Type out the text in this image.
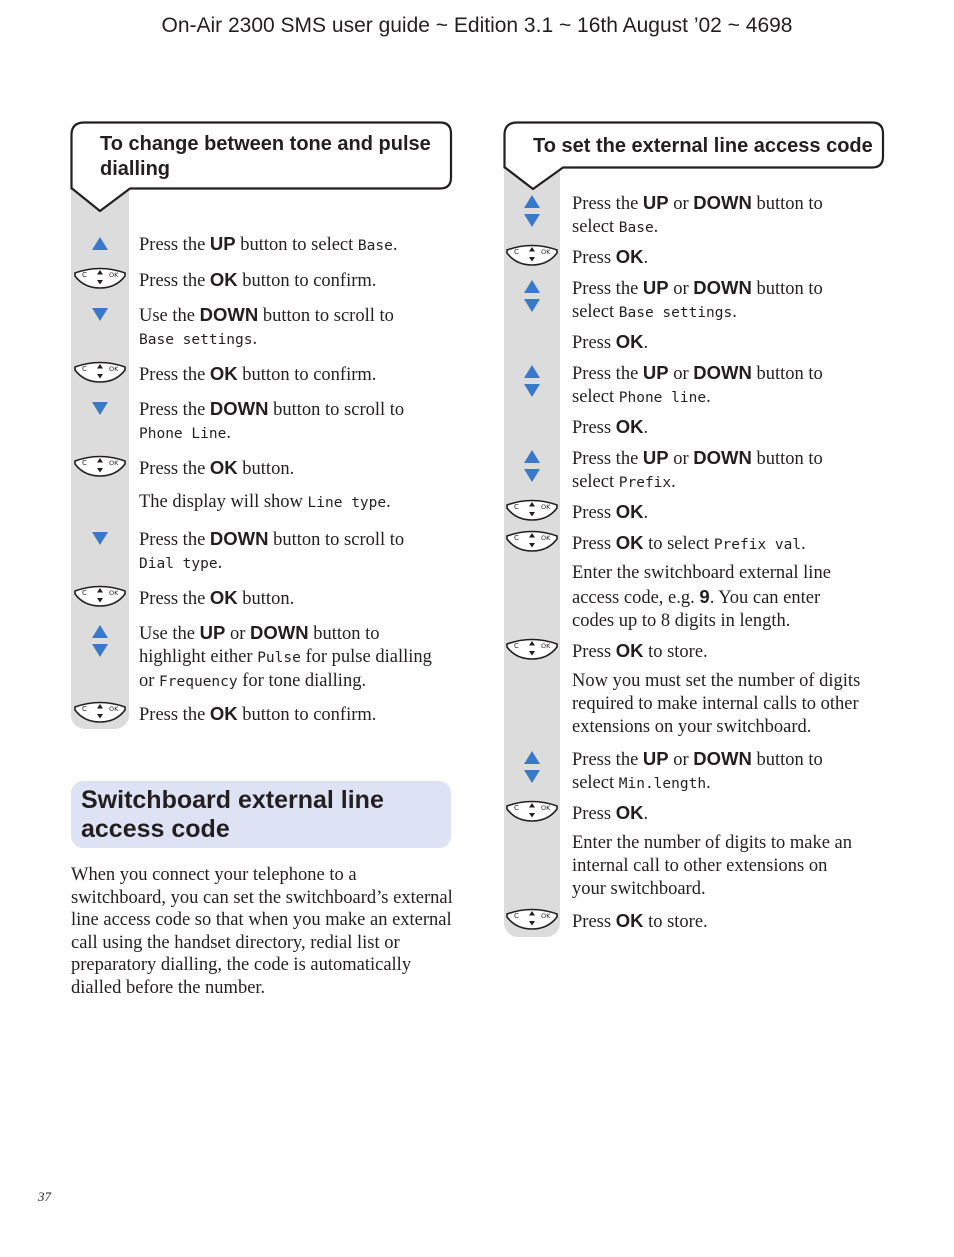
On-Air 2300 SMS user guide ~ Edition 3.1 ~ 16th August ’02 ~ 4698
To change between tone and pulse dialling
Press the UP button to select Base.
Press the OK button to confirm.
C	OK
Use the DOWN button to scroll to
Base settings.
Press the OK button to confirm.
C	OK
Press the DOWN button to scroll to
Phone Line.
Press the OK button.
C	OK
The display will show Line type.
Press the DOWN button to scroll to
Dial type.
Press the OK button.
C	OK
Use the UP or DOWN button to
highlight either Pulse for pulse dialling
or Frequency for tone dialling.
Press the OK button to confirm.
C	OK
Switchboard external line access code
When you connect your telephone to a switchboard, you can set the switchboard’s external line access code so that when you make an external call using the handset directory, redial list or preparatory dialling, the code is automatically dialled before the number.
To set the external line access code
Press the UP or DOWN button to
select Base.
Press OK.
C	OK
Press the UP or DOWN button to
select Base settings.
Press OK.
Press the UP or DOWN button to
select Phone line.
Press OK.
Press the UP or DOWN button to
select Prefix.
Press OK.
C	OK
Press OK to select Prefix val.
C	OK
Enter the switchboard external line
access code, e.g. 9. You can enter
codes up to 8 digits in length.
Press OK to store.
C	OK
Now you must set the number of digits
required to make internal calls to other
extensions on your switchboard.
Press the UP or DOWN button to
select Min.length.
Press OK.
C	OK
Enter the number of digits to make an
internal call to other extensions on
your switchboard.
Press OK to store.
C	OK
37
